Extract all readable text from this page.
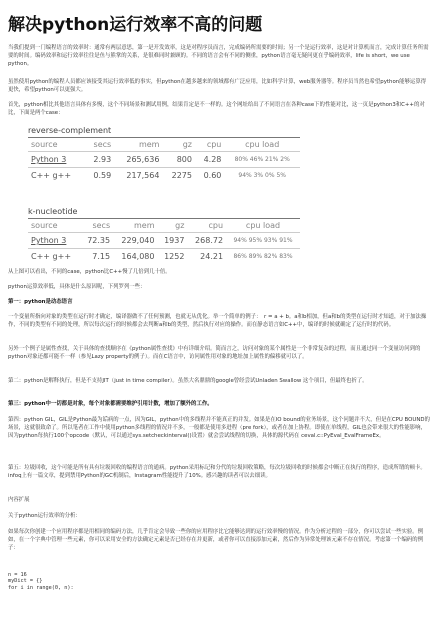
解决python运行效率不高的问题
当我们提到一门编程语言的效率时：通常有两层意思，第一是开发效率，这是对程序员而言，完成编码所需要的时间；另一个是运行效率，这是对计算机而言，完成计算任务所需要的时间。编码效率和运行效率往往是鱼与熊掌的关系，是很难同时兼顾的。不同的语言会有不同的侧重，python语言毫无疑问更在乎编码效率，life is short，we use python。
虽然使用python的编程人员都应该接受其运行效率低的事实，但python在越多越来的领域都有广泛应用，比如科学计算，web服务器等。程序员当然也希望python能够运算得更快，希望python可以更强大。
首先，python相比其他语言具体有多慢，这个不同场景和测试用例，结果肯定是不一样的。这个网址给出了不同语言在各种case下的性能对比，这一页是python3和C++的对比，下面是两个case：
reverse-complement
source	secs	mem	gz	cpu	cpu load
Python 3	2.93	265,636	800	4.28	80% 46% 21% 2%
C++ g++	0.59	217,564	2275	0.60	94% 3% 0% 5%
k-nucleotide
source	secs	mem	gz	cpu	cpu load
Python 3	72.35	229,040	1937	268.72	94% 95% 93% 91%
C++ g++	7.15	164,080	1252	24.21	86% 89% 82% 83%
从上图可以看出，不同的case，python比C++慢了几倍到几十倍。
python运算效率低，具体是什么原因呢，下列罗列一些：
第一：python是动态语言
一个变量所指向对象的类型在运行时才确定，编译器做不了任何预测，也就无从优化。举一个简单的例子：　r = a + b。a和b相加，但a和b的类型在运行时才知道，对于加法操作，不同的类型有不同的处理，所以每次运行的时候都会去判断a和b的类型，然后执行对应的操作。而在静态语言如C++中，编译的时候就确定了运行时的代码。
另外一个例子是属性查找，关于具体的查找顺序在《python属性查找》中有详细介绍。简而言之，访问对象的某个属性是一个非常复杂的过程，而且通过同一个变量访问到的python对象还都可能不一样（参见Lazy property的例子）。而在C语言中，访问属性用对象的地址加上属性的偏移就可以了。
第二：python是解释执行，但是不支持JIT（just in time compiler）。虽然大名鼎鼎的google曾经尝试Unladen Swallow 这个项目，但最终也折了。
第三：python中一切都是对象，每个对象都需要维护引用计数，增加了额外的工作。
第四：python GIL，GIL是Python最为诟病的一点，因为GIL，python中的多线程并不能真正的并发。如果是在IO bound的业务场景，这个问题并不大，但是在CPU BOUND的场景，这就很致命了。所以笔者在工作中使用python多线程的情况并不多，一般都是使用多进程（pre fork），或者在加上协程。即使在单线程，GIL也会带来很大的性能影响，因为python每执行100个opcode（默认，可以通过sys.setcheckinterval()设置）就会尝试线程的切换，具体的源代码在 ceval.c::PyEval_EvalFrameEx。
第五：垃圾回收，这个可能是所有具有垃圾回收的编程语言的通病。python采用标记和分代的垃圾回收策略，每次垃圾回收的时候都会中断正在执行的程序，造成所谓的顿卡。infoq上有一篇文章，提到禁用Python的GC机制后，Instagram性能提升了10%。感兴趣的读者可以去细读。
内容扩展
关于python运行效率的分析：
如果每次你创建一个应用程序都是用相同的编码方法，几乎肯定会导致一些你的应用程序比它能够达到的运行效率慢的情况。作为分析过程的一部分，你可以尝试一些实验。例如，在一个字典中管理一些元素，你可以采用安全的方法确定元素是否已经存在并更新，或者你可以直接添加元素，然后作为异常处理该元素不存在情况。考虑第一个编码的例子：
n = 16
myDict = {}
for i in range(0, n):
